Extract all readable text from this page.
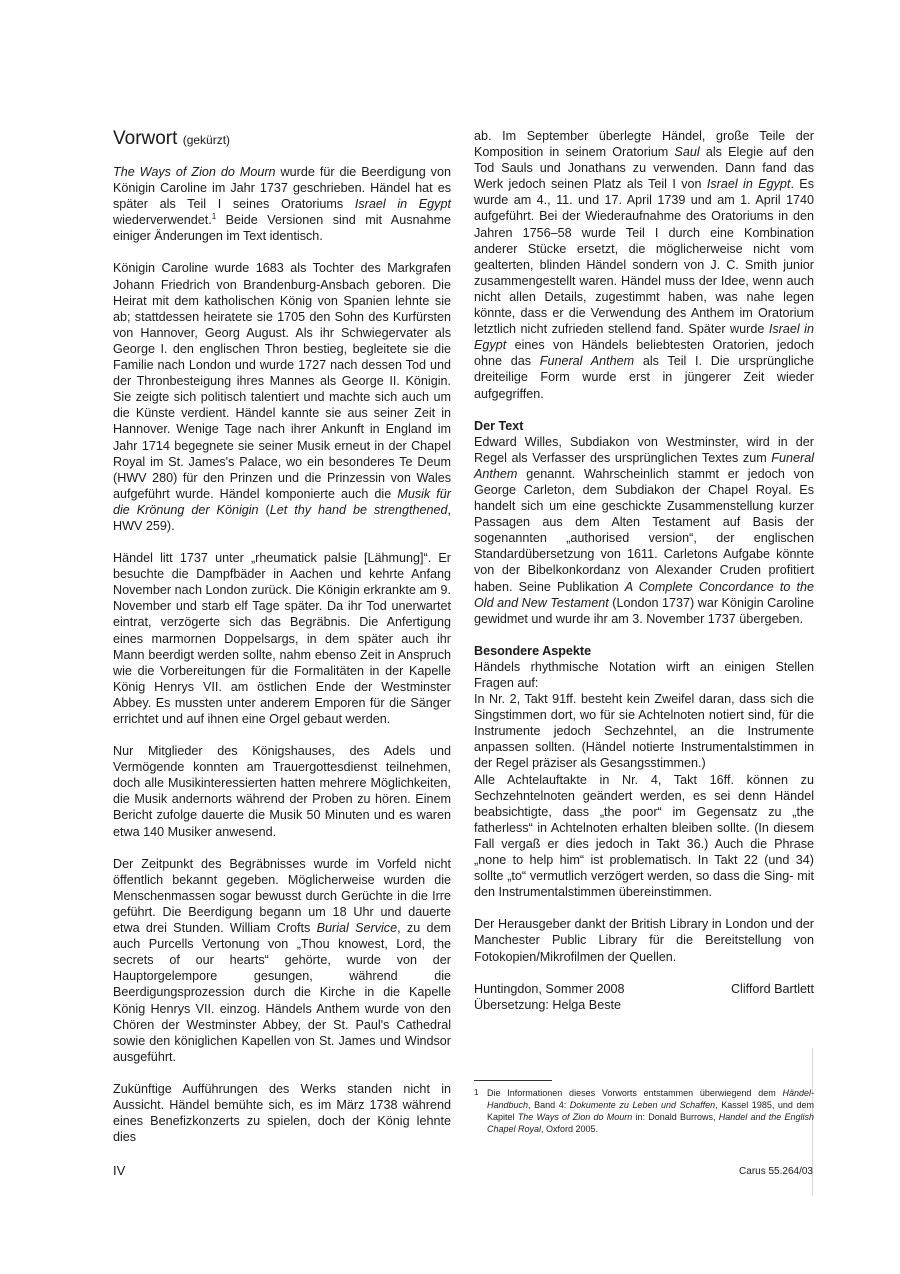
Vorwort (gekürzt)

The Ways of Zion do Mourn wurde für die Beerdigung von Königin Caroline im Jahr 1737 geschrieben. Händel hat es später als Teil I seines Oratoriums Israel in Egypt wiederverwendet.$^1$ Beide Versionen sind mit Ausnahme einiger Änderungen im Text identisch.

Königin Caroline wurde 1683 als Tochter des Markgrafen Johann Friedrich von Brandenburg-Ansbach geboren. Die Heirat mit dem katholischen König von Spanien lehnte sie ab; stattdessen heiratete sie 1705 den Sohn des Kurfürsten von Hannover, Georg August. Als ihr Schwiegervater als George I. den englischen Thron bestieg, begleitete sie die Familie nach London und wurde 1727 nach dessen Tod und der Thronbesteigung ihres Mannes als George II. Königin. Sie zeigte sich politisch talentiert und machte sich auch um die Künste verdient. Händel kannte sie aus seiner Zeit in Hannover. Wenige Tage nach ihrer Ankunft in England im Jahr 1714 begegnete sie seiner Musik erneut in der Chapel Royal im St. James's Palace, wo ein besonderes Te Deum (HWV 280) für den Prinzen und die Prinzessin von Wales aufgeführt wurde. Händel komponierte auch die Musik für die Krönung der Königin (Let thy hand be strengthened, HWV 259).

Händel litt 1737 unter „rheumatick palsie [Lähmung]“. Er besuchte die Dampfbäder in Aachen und kehrte Anfang November nach London zurück. Die Königin erkrankte am 9. November und starb elf Tage später. Da ihr Tod unerwartet eintrat, verzögerte sich das Begräbnis. Die Anfertigung eines marmornen Doppelsargs, in dem später auch ihr Mann beerdigt werden sollte, nahm ebenso Zeit in Anspruch wie die Vorbereitungen für die Formalitäten in der Kapelle König Henrys VII. am östlichen Ende der Westminster Abbey. Es mussten unter anderem Emporen für die Sänger errichtet und auf ihnen eine Orgel gebaut werden.

Nur Mitglieder des Königshauses, des Adels und Vermögende konnten am Trauergottesdienst teilnehmen, doch alle Musikinteressierten hatten mehrere Möglichkeiten, die Musik andernorts während der Proben zu hören. Einem Bericht zufolge dauerte die Musik 50 Minuten und es waren etwa 140 Musiker anwesend.

Der Zeitpunkt des Begräbnisses wurde im Vorfeld nicht öffentlich bekannt gegeben. Möglicherweise wurden die Menschenmassen sogar bewusst durch Gerüchte in die Irre geführt. Die Beerdigung begann um 18 Uhr und dauerte etwa drei Stunden. William Crofts Burial Service, zu dem auch Purcells Vertonung von „Thou knowest, Lord, the secrets of our hearts“ gehörte, wurde von der Hauptorgelempore gesungen, während die Beerdigungsprozession durch die Kirche in die Kapelle König Henrys VII. einzog. Händels Anthem wurde von den Chören der Westminster Abbey, der St. Paul's Cathedral sowie den königlichen Kapellen von St. James und Windsor ausgeführt.

Zukünftige Aufführungen des Werks standen nicht in Aussicht. Händel bemühte sich, es im März 1738 während eines Benefizkonzerts zu spielen, doch der König lehnte dies

ab. Im September überlegte Händel, große Teile der Komposition in seinem Oratorium Saul als Elegie auf den Tod Sauls und Jonathans zu verwenden. Dann fand das Werk jedoch seinen Platz als Teil I von Israel in Egypt. Es wurde am 4., 11. und 17. April 1739 und am 1. April 1740 aufgeführt. Bei der Wiederaufnahme des Oratoriums in den Jahren 1756–58 wurde Teil I durch eine Kombination anderer Stücke ersetzt, die möglicherweise nicht vom gealterten, blinden Händel sondern von J. C. Smith junior zusammengestellt waren. Händel muss der Idee, wenn auch nicht allen Details, zugestimmt haben, was nahe legen könnte, dass er die Verwendung des Anthem im Oratorium letztlich nicht zufrieden stellend fand. Später wurde Israel in Egypt eines von Händels beliebtesten Oratorien, jedoch ohne das Funeral Anthem als Teil I. Die ursprüngliche dreiteilige Form wurde erst in jüngerer Zeit wieder aufgegriffen.

Der Text

Edward Willes, Subdiakon von Westminster, wird in der Regel als Verfasser des ursprünglichen Textes zum Funeral Anthem genannt. Wahrscheinlich stammt er jedoch von George Carleton, dem Subdiakon der Chapel Royal. Es handelt sich um eine geschickte Zusammenstellung kurzer Passagen aus dem Alten Testament auf Basis der sogenannten „authorised version“, der englischen Standardübersetzung von 1611. Carletons Aufgabe könnte von der Bibelkonkordanz von Alexander Cruden profitiert haben. Seine Publikation A Complete Concordance to the Old and New Testament (London 1737) war Königin Caroline gewidmet und wurde ihr am 3. November 1737 übergeben.

Besondere Aspekte

Händels rhythmische Notation wirft an einigen Stellen Fragen auf:

In Nr. 2, Takt 91ff. besteht kein Zweifel daran, dass sich die Singstimmen dort, wo für sie Achtelnoten notiert sind, für die Instrumente jedoch Sechzehntel, an die Instrumente anpassen sollten. (Händel notierte Instrumentalstimmen in der Regel präziser als Gesangsstimmen.)

Alle Achtelauftakte in Nr. 4, Takt 16ff. können zu Sechzehntelnoten geändert werden, es sei denn Händel beabsichtigte, dass „the poor“ im Gegensatz zu „the fatherless“ in Achtelnoten erhalten bleiben sollte. (In diesem Fall vergaß er dies jedoch in Takt 36.) Auch die Phrase „none to help him“ ist problematisch. In Takt 22 (und 34) sollte „to“ vermutlich verzögert werden, so dass die Sing- mit den Instrumentalstimmen übereinstimmen.

Der Herausgeber dankt der British Library in London und der Manchester Public Library für die Bereitstellung von Fotokopien/Mikrofilmen der Quellen.

Huntingdon, Sommer 2008	Clifford Bartlett
Übersetzung: Helga Beste
1 Die Informationen dieses Vorworts entstammen überwiegend dem Händel-Handbuch, Band 4: Dokumente zu Leben und Schaffen, Kassel 1985, und dem Kapitel The Ways of Zion do Mourn in: Donald Burrows, Handel and the English Chapel Royal, Oxford 2005.
IV	Carus 55.264/03
